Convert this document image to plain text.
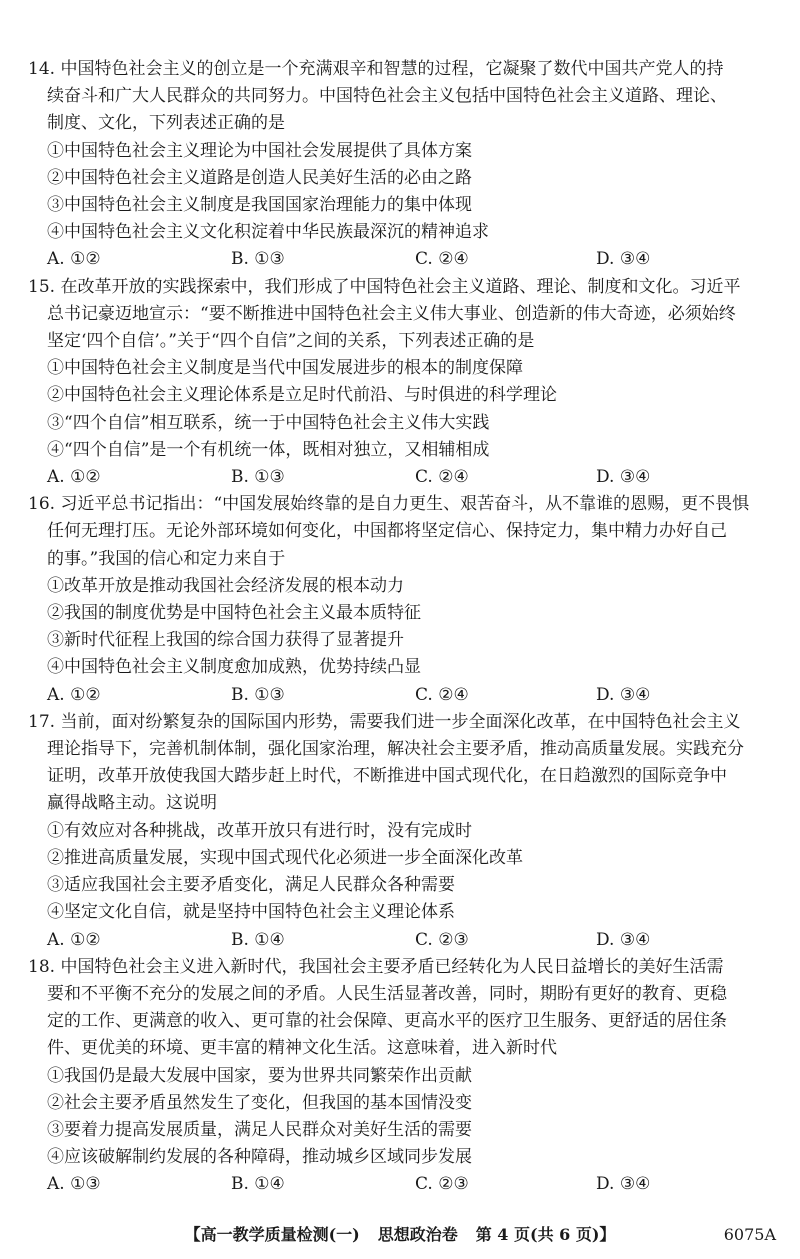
14. 中国特色社会主义的创立是一个充满艰辛和智慧的过程，它凝聚了数代中国共产党人的持
续奋斗和广大人民群众的共同努力。中国特色社会主义包括中国特色社会主义道路、理论、
制度、文化，下列表述正确的是
①中国特色社会主义理论为中国社会发展提供了具体方案
②中国特色社会主义道路是创造人民美好生活的必由之路
③中国特色社会主义制度是我国国家治理能力的集中体现
④中国特色社会主义文化积淀着中华民族最深沉的精神追求
A. ①②	B. ①③	C. ②④	D. ③④
15. 在改革开放的实践探索中，我们形成了中国特色社会主义道路、理论、制度和文化。习近平
总书记豪迈地宣示：“要不断推进中国特色社会主义伟大事业、创造新的伟大奇迹，必须始终
坚定‘四个自信’。”关于“四个自信”之间的关系，下列表述正确的是
①中国特色社会主义制度是当代中国发展进步的根本的制度保障
②中国特色社会主义理论体系是立足时代前沿、与时俱进的科学理论
③“四个自信”相互联系，统一于中国特色社会主义伟大实践
④“四个自信”是一个有机统一体，既相对独立，又相辅相成
A. ①②	B. ①③	C. ②④	D. ③④
16. 习近平总书记指出：“中国发展始终靠的是自力更生、艰苦奋斗，从不靠谁的恩赐，更不畏惧
任何无理打压。无论外部环境如何变化，中国都将坚定信心、保持定力，集中精力办好自己
的事。”我国的信心和定力来自于
①改革开放是推动我国社会经济发展的根本动力
②我国的制度优势是中国特色社会主义最本质特征
③新时代征程上我国的综合国力获得了显著提升
④中国特色社会主义制度愈加成熟，优势持续凸显
A. ①②	B. ①③	C. ②④	D. ③④
17. 当前，面对纷繁复杂的国际国内形势，需要我们进一步全面深化改革，在中国特色社会主义
理论指导下，完善机制体制，强化国家治理，解决社会主要矛盾，推动高质量发展。实践充分
证明，改革开放使我国大踏步赶上时代，不断推进中国式现代化，在日趋激烈的国际竞争中
赢得战略主动。这说明
①有效应对各种挑战，改革开放只有进行时，没有完成时
②推进高质量发展，实现中国式现代化必须进一步全面深化改革
③适应我国社会主要矛盾变化，满足人民群众各种需要
④坚定文化自信，就是坚持中国特色社会主义理论体系
A. ①②	B. ①④	C. ②③	D. ③④
18. 中国特色社会主义进入新时代，我国社会主要矛盾已经转化为人民日益增长的美好生活需
要和不平衡不充分的发展之间的矛盾。人民生活显著改善，同时，期盼有更好的教育、更稳
定的工作、更满意的收入、更可靠的社会保障、更高水平的医疗卫生服务、更舒适的居住条
件、更优美的环境、更丰富的精神文化生活。这意味着，进入新时代
①我国仍是最大发展中国家，要为世界共同繁荣作出贡献
②社会主要矛盾虽然发生了变化，但我国的基本国情没变
③要着力提高发展质量，满足人民群众对美好生活的需要
④应该破解制约发展的各种障碍，推动城乡区域同步发展
A. ①③	B. ①④	C. ②③	D. ③④
【高一教学质量检测(一) 思想政治卷 第 4 页(共 6 页)】	6075A
